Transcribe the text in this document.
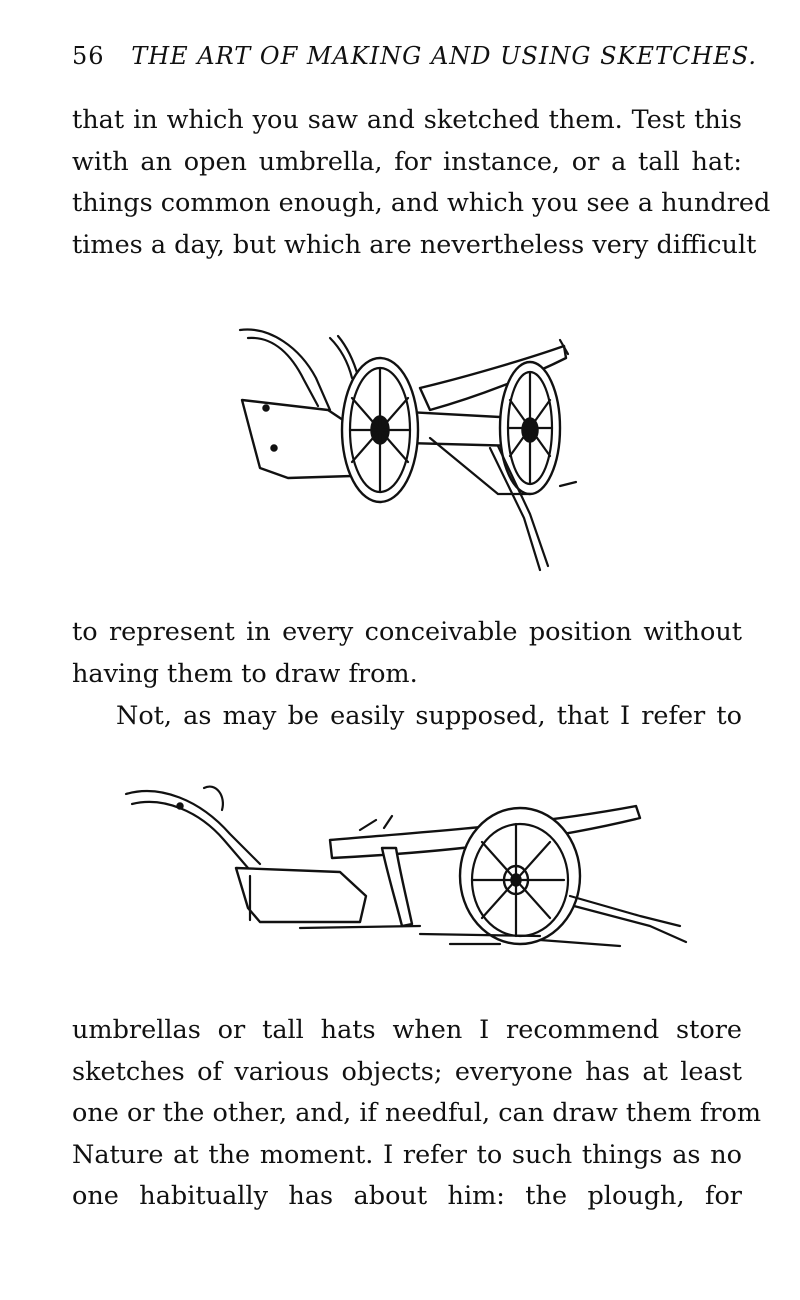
56 THE ART OF MAKING AND USING SKETCHES.
that in which you saw and sketched them. Test this
with an open umbrella, for instance, or a tall hat:
things common enough, and which you see a hundred
times a day, but which are nevertheless very difficult
to represent in every conceivable position without
having them to draw from.
Not, as may be easily supposed, that I refer to
umbrellas or tall hats when I recommend store
sketches of various objects; everyone has at least
one or the other, and, if needful, can draw them from
Nature at the moment. I refer to such things as no
one habitually has about him: the plough, for
